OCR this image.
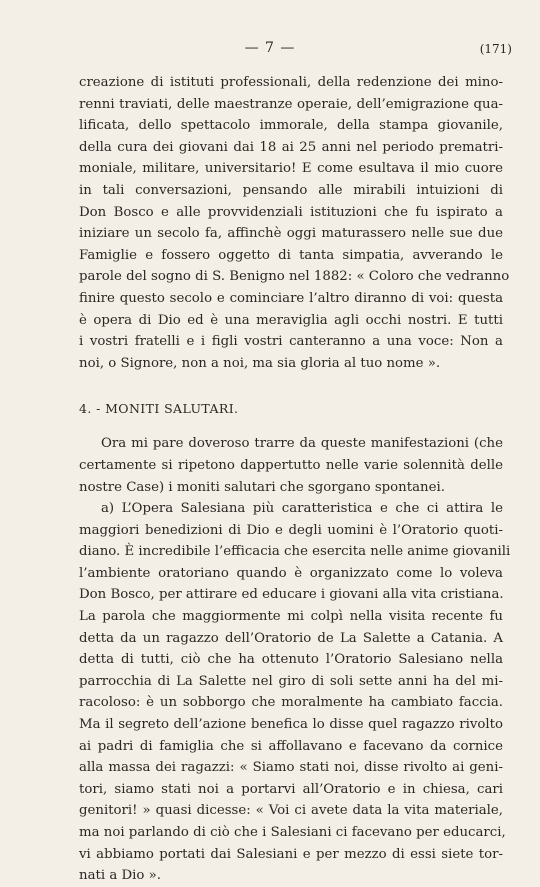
— 7 —	(171)
creazione di istituti professionali, della redenzione dei mino-
renni traviati, delle maestranze operaie, dell’emigrazione qua-
lificata, dello spettacolo immorale, della stampa giovanile,
della cura dei giovani dai 18 ai 25 anni nel periodo prematri-
moniale, militare, universitario! E come esultava il mio cuore
in tali conversazioni, pensando alle mirabili intuizioni di
Don Bosco e alle provvidenziali istituzioni che fu ispirato a
iniziare un secolo fa, affinchè oggi maturassero nelle sue due
Famiglie e fossero oggetto di tanta simpatia, avverando le
parole del sogno di S. Benigno nel 1882: « Coloro che vedranno
finire questo secolo e cominciare l’altro diranno di voi: questa
è opera di Dio ed è una meraviglia agli occhi nostri. E tutti
i vostri fratelli e i figli vostri canteranno a una voce: Non a
noi, o Signore, non a noi, ma sia gloria al tuo nome ».
4. - MONITI SALUTARI.
Ora mi pare doveroso trarre da queste manifestazioni (che
certamente si ripetono dappertutto nelle varie solennità delle
nostre Case) i moniti salutari che sgorgano spontanei.
a) L’Opera Salesiana più caratteristica e che ci attira le
maggiori benedizioni di Dio e degli uomini è l’Oratorio quoti-
diano. È incredibile l’efficacia che esercita nelle anime giovanili
l’ambiente oratoriano quando è organizzato come lo voleva
Don Bosco, per attirare ed educare i giovani alla vita cristiana.
La parola che maggiormente mi colpì nella visita recente fu
detta da un ragazzo dell’Oratorio de La Salette a Catania. A
detta di tutti, ciò che ha ottenuto l’Oratorio Salesiano nella
parrocchia di La Salette nel giro di soli sette anni ha del mi-
racoloso: è un sobborgo che moralmente ha cambiato faccia.
Ma il segreto dell’azione benefica lo disse quel ragazzo rivolto
ai padri di famiglia che si affollavano e facevano da cornice
alla massa dei ragazzi: « Siamo stati noi, disse rivolto ai geni-
tori, siamo stati noi a portarvi all’Oratorio e in chiesa, cari
genitori! » quasi dicesse: « Voi ci avete data la vita materiale,
ma noi parlando di ciò che i Salesiani ci facevano per educarci,
vi abbiamo portati dai Salesiani e per mezzo di essi siete tor-
nati a Dio ».
